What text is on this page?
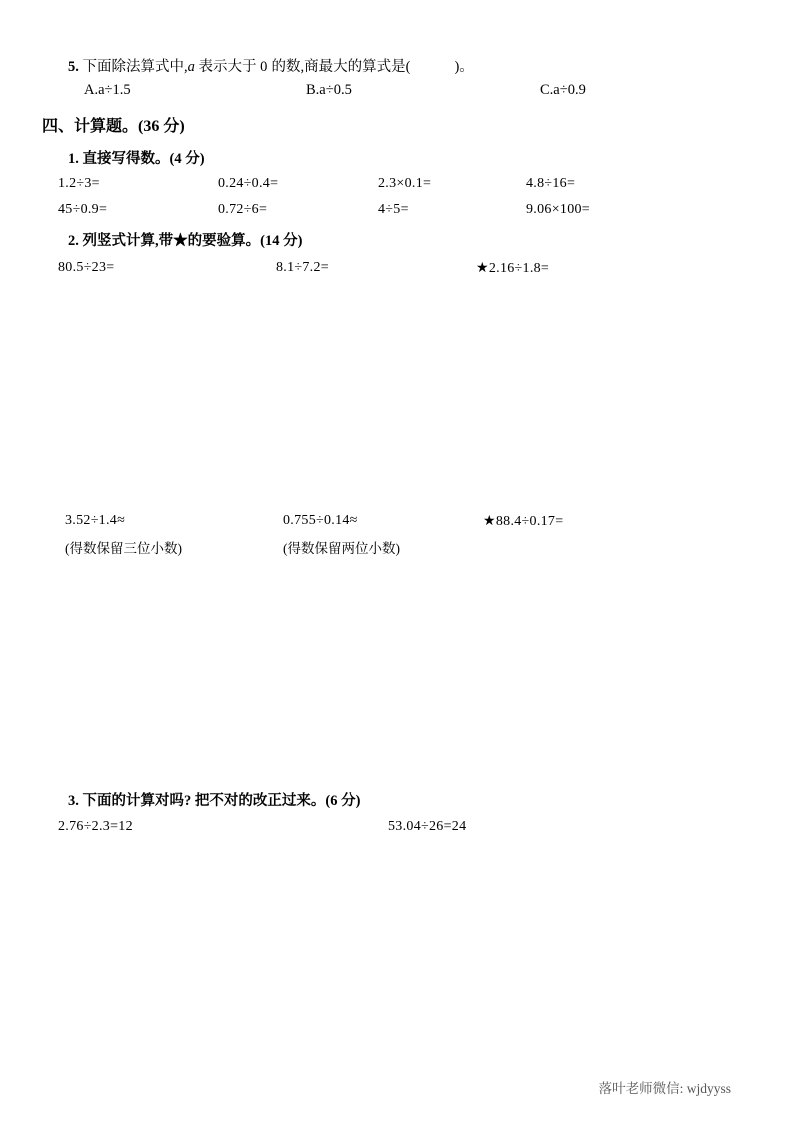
5. 下面除法算式中,a 表示大于 0 的数,商最大的算式是(	)。
A.a÷1.5	B.a÷0.5	C.a÷0.9
四、计算题。(36 分)
1. 直接写得数。(4 分)
1.2÷3=	0.24÷0.4=	2.3×0.1=	4.8÷16=
45÷0.9=	0.72÷6=	4÷5=	9.06×100=
2. 列竖式计算,带★的要验算。(14 分)
80.5÷23=	8.1÷7.2=	★2.16÷1.8=
3.52÷1.4≈	0.755÷0.14≈	★88.4÷0.17=
(得数保留三位小数)	(得数保留两位小数)
3. 下面的计算对吗? 把不对的改正过来。(6 分)
2.76÷2.3=12	53.04÷26=24
落叶老师微信: wjdyyss
